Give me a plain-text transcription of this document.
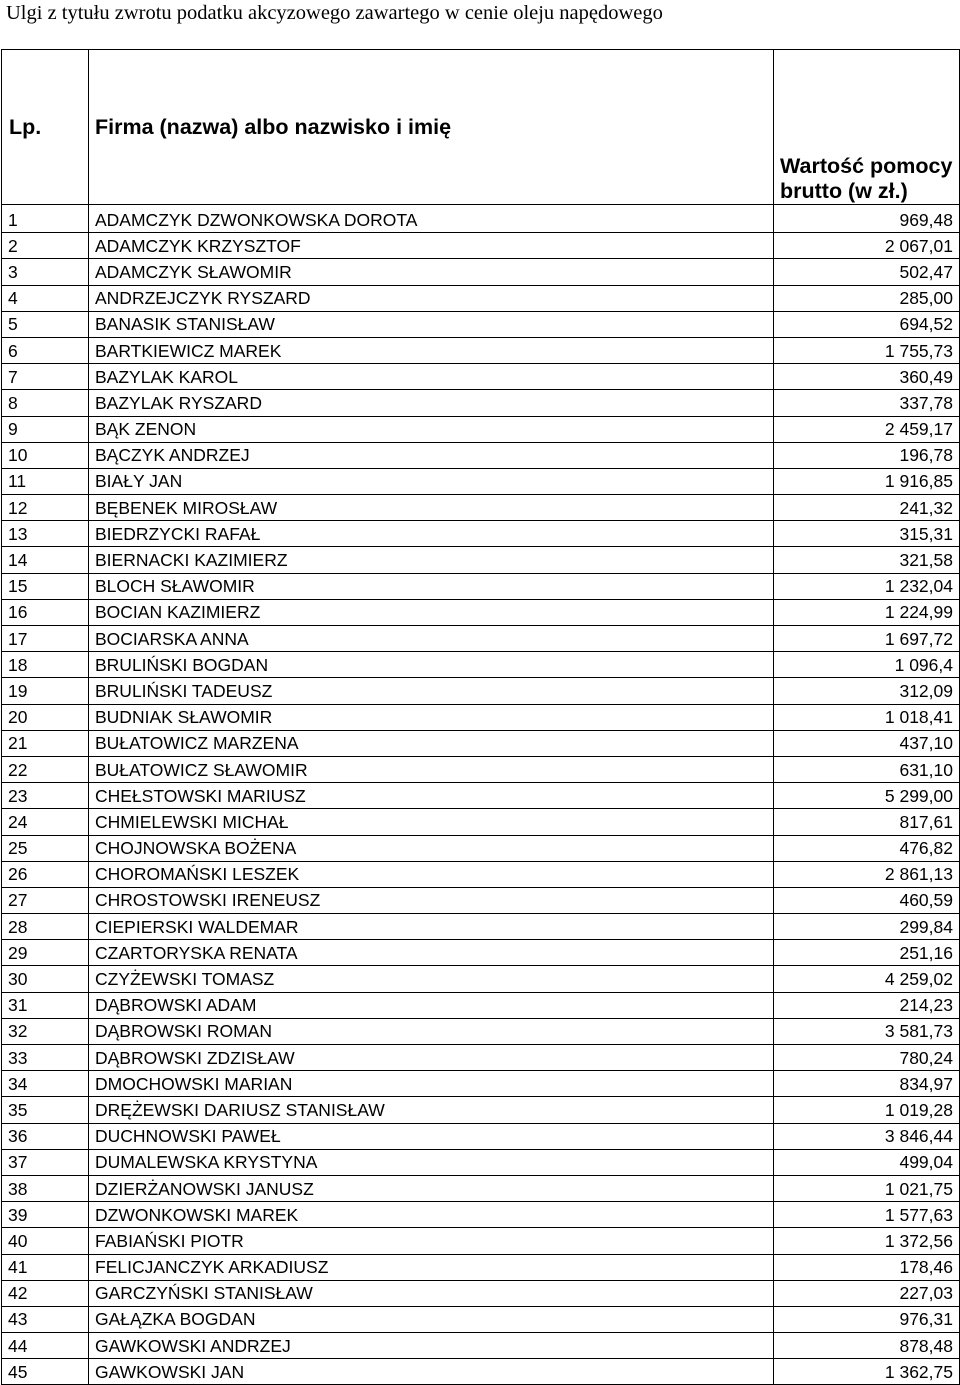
Ulgi z tytułu zwrotu podatku akcyzowego zawartego w cenie oleju napędowego
Lp.	Firma (nazwa) albo nazwisko i imię	Wartość pomocy brutto (w zł.)
1	ADAMCZYK DZWONKOWSKA DOROTA	969,48
2	ADAMCZYK KRZYSZTOF	2 067,01
3	ADAMCZYK SŁAWOMIR	502,47
4	ANDRZEJCZYK RYSZARD	285,00
5	BANASIK STANISŁAW	694,52
6	BARTKIEWICZ MAREK	1 755,73
7	BAZYLAK KAROL	360,49
8	BAZYLAK RYSZARD	337,78
9	BĄK ZENON	2 459,17
10	BĄCZYK ANDRZEJ	196,78
11	BIAŁY JAN	1 916,85
12	BĘBENEK MIROSŁAW	241,32
13	BIEDRZYCKI RAFAŁ	315,31
14	BIERNACKI KAZIMIERZ	321,58
15	BLOCH SŁAWOMIR	1 232,04
16	BOCIAN KAZIMIERZ	1 224,99
17	BOCIARSKA ANNA	1 697,72
18	BRULIŃSKI BOGDAN	1 096,4
19	BRULIŃSKI TADEUSZ	312,09
20	BUDNIAK SŁAWOMIR	1 018,41
21	BUŁATOWICZ MARZENA	437,10
22	BUŁATOWICZ SŁAWOMIR	631,10
23	CHEŁSTOWSKI MARIUSZ	5 299,00
24	CHMIELEWSKI MICHAŁ	817,61
25	CHOJNOWSKA BOŻENA	476,82
26	CHOROMAŃSKI LESZEK	2 861,13
27	CHROSTOWSKI IRENEUSZ	460,59
28	CIEPIERSKI WALDEMAR	299,84
29	CZARTORYSKA RENATA	251,16
30	CZYŻEWSKI TOMASZ	4 259,02
31	DĄBROWSKI ADAM	214,23
32	DĄBROWSKI ROMAN	3 581,73
33	DĄBROWSKI ZDZISŁAW	780,24
34	DMOCHOWSKI MARIAN	834,97
35	DRĘŻEWSKI DARIUSZ STANISŁAW	1 019,28
36	DUCHNOWSKI PAWEŁ	3 846,44
37	DUMALEWSKA KRYSTYNA	499,04
38	DZIERŻANOWSKI JANUSZ	1 021,75
39	DZWONKOWSKI MAREK	1 577,63
40	FABIAŃSKI PIOTR	1 372,56
41	FELICJANCZYK ARKADIUSZ	178,46
42	GARCZYŃSKI STANISŁAW	227,03
43	GAŁĄZKA BOGDAN	976,31
44	GAWKOWSKI ANDRZEJ	878,48
45	GAWKOWSKI JAN	1 362,75
